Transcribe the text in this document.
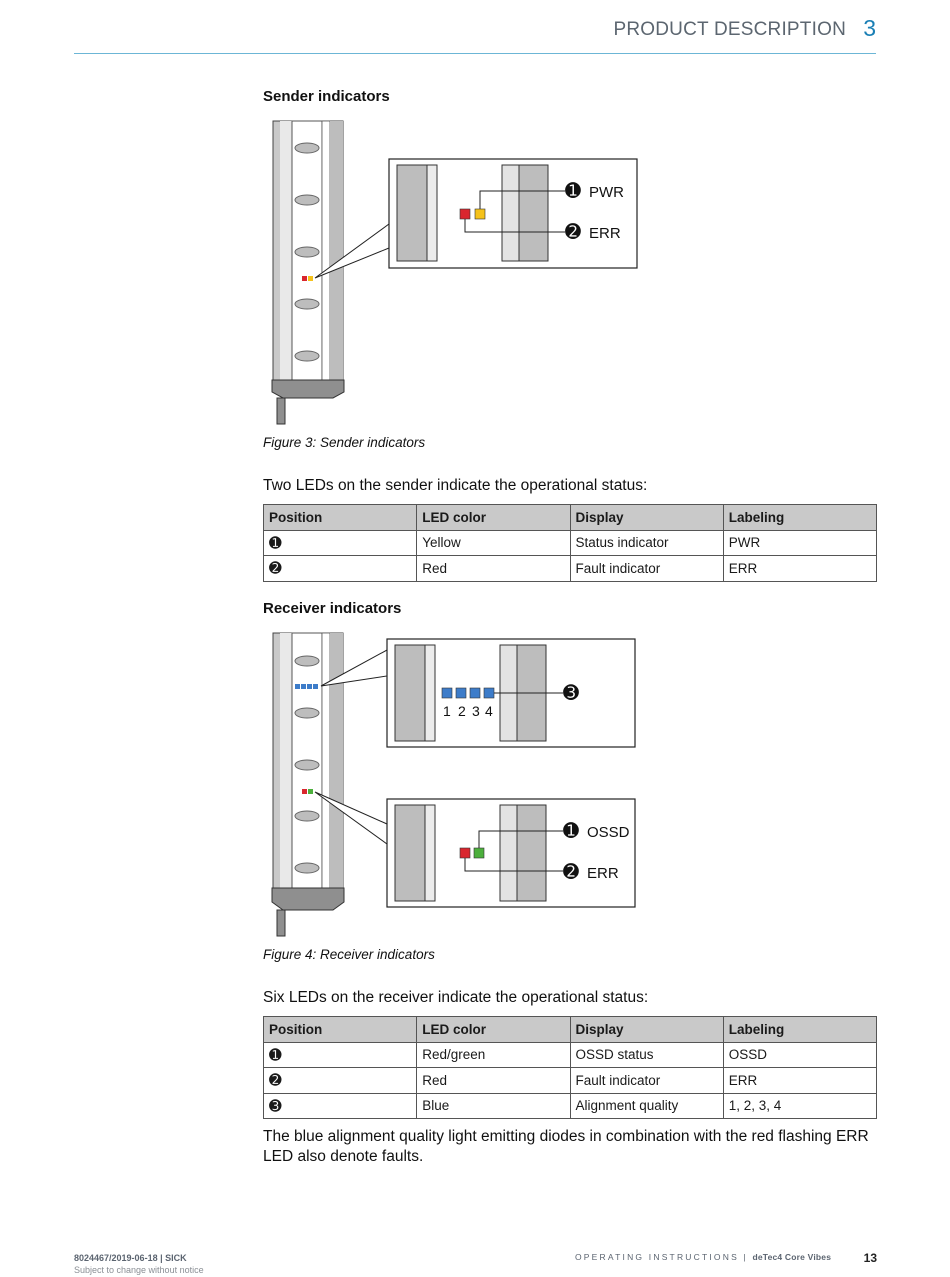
PRODUCT DESCRIPTION 3
Sender indicators
➊ PWR
➋ ERR
Figure 3: Sender indicators
Two LEDs on the sender indicate the operational status:
Position	LED color	Display	Labeling
➊	Yellow	Status indicator	PWR
➋	Red	Fault indicator	ERR
Receiver indicators
1 2 3 4
➌
➊ OSSD
➋ ERR
Figure 4: Receiver indicators
Six LEDs on the receiver indicate the operational status:
Position	LED color	Display	Labeling
➊	Red/green	OSSD status	OSSD
➋	Red	Fault indicator	ERR
➌	Blue	Alignment quality	1, 2, 3, 4
The blue alignment quality light emitting diodes in combination with the red flashing ERR LED also denote faults.
8024467/2019-06-18 | SICK
Subject to change without notice
OPERATING INSTRUCTIONS | deTec4 Core Vibes	13
